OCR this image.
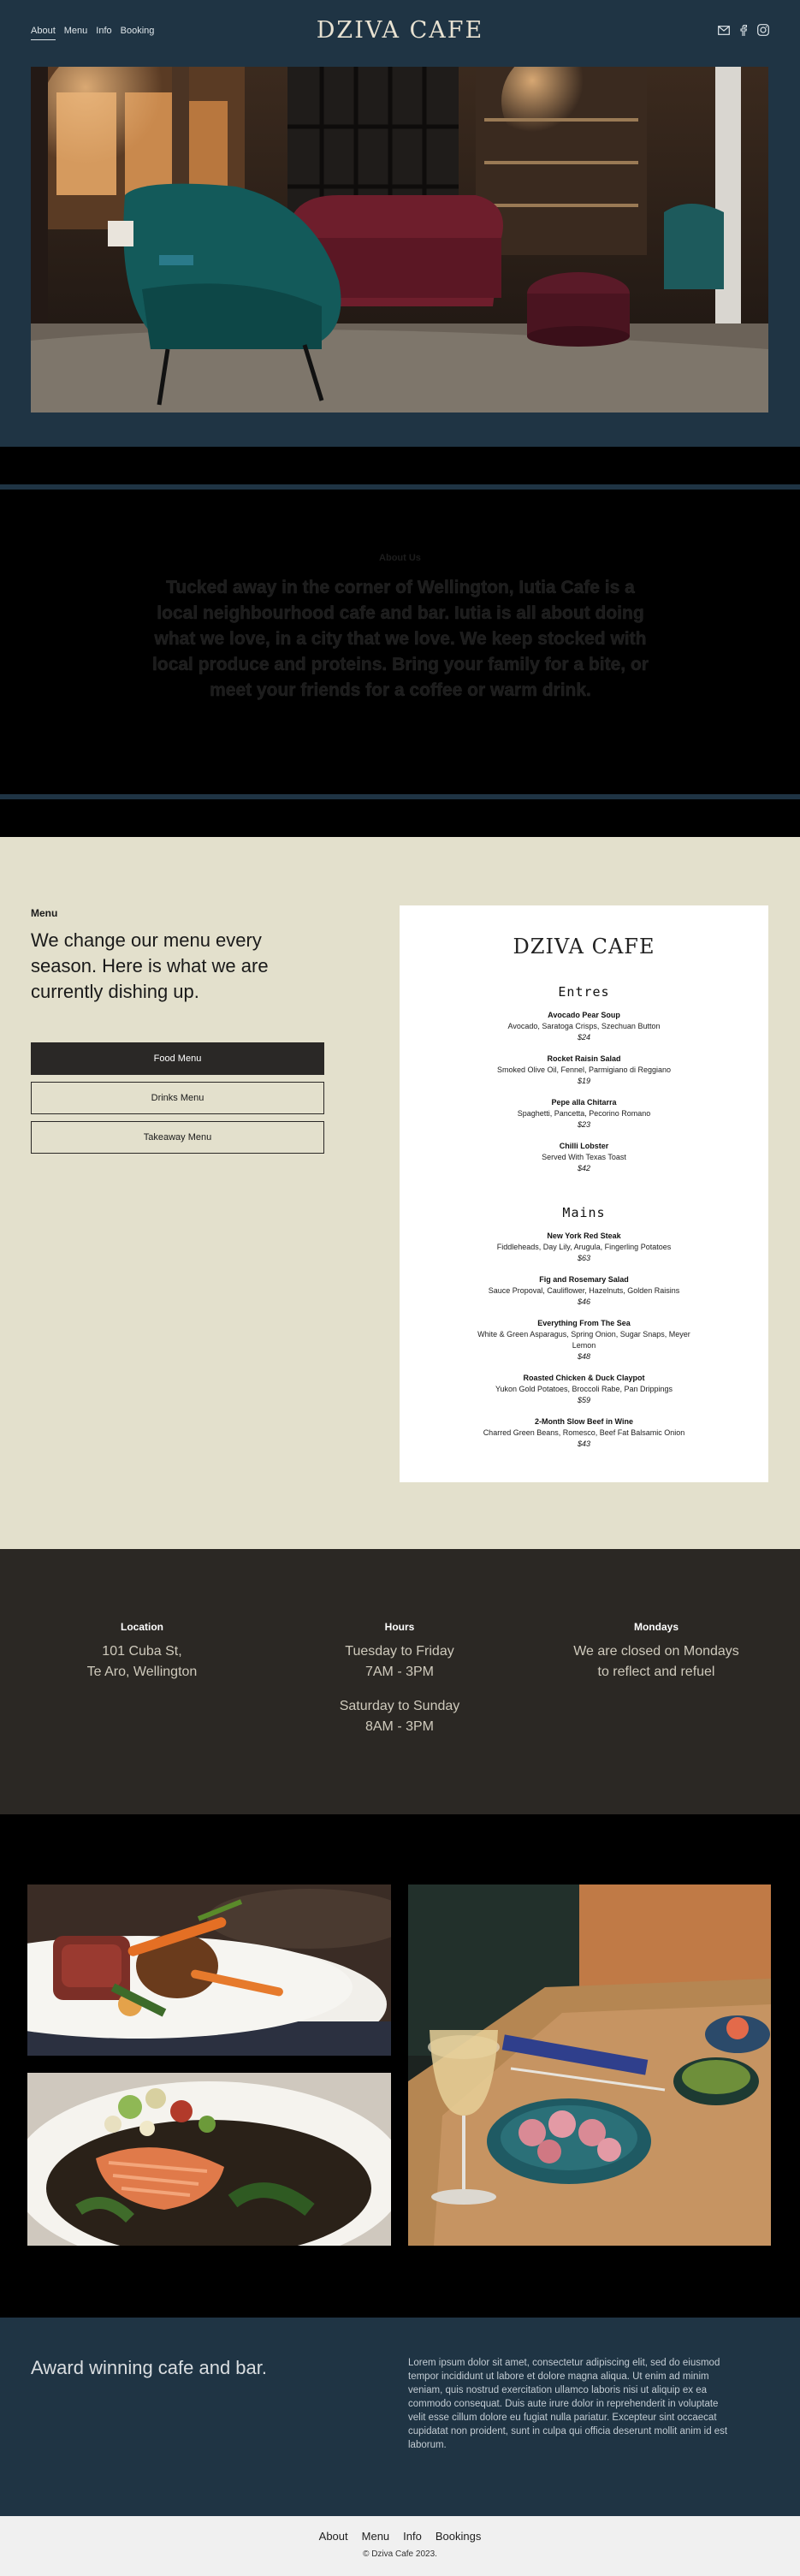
About Menu Info Booking	DZIVA CAFE
About Us

Tucked away in the corner of Wellington, Iutia Cafe is a local neighbourhood cafe and bar. Iutia is all about doing what we love, in a city that we love. We keep stocked with local produce and proteins. Bring your family for a bite, or meet your friends for a coffee or warm drink.

Menu
We change our menu every season. Here is what we are currently dishing up.
Food Menu
Drinks Menu
Takeaway Menu
DZIVA CAFE
Entres
Avocado Pear Soup
Avocado, Saratoga Crisps, Szechuan Button
$24
Rocket Raisin Salad
Smoked Olive Oil, Fennel, Parmigiano di Reggiano
$19
Pepe alla Chitarra
Spaghetti, Pancetta, Pecorino Romano
$23
Chilli Lobster
Served With Texas Toast
$42
Mains
New York Red Steak
Fiddleheads, Day Lily, Arugula, Fingerling Potatoes
$63
Fig and Rosemary Salad
Sauce Propoval, Cauliflower, Hazelnuts, Golden Raisins
$46
Everything From The Sea
White & Green Asparagus, Spring Onion, Sugar Snaps, Meyer Lemon
$48
Roasted Chicken & Duck Claypot
Yukon Gold Potatoes, Broccoli Rabe, Pan Drippings
$59
2-Month Slow Beef in Wine
Charred Green Beans, Romesco, Beef Fat Balsamic Onion
$43
Location
101 Cuba St,
Te Aro, Wellington
Hours
Tuesday to Friday
7AM - 3PM
Saturday to Sunday
8AM - 3PM
Mondays
We are closed on Mondays
to reflect and refuel
Award winning cafe and bar.	Lorem ipsum dolor sit amet, consectetur adipiscing elit, sed do eiusmod tempor incididunt ut labore et dolore magna aliqua. Ut enim ad minim veniam, quis nostrud exercitation ullamco laboris nisi ut aliquip ex ea commodo consequat. Duis aute irure dolor in reprehenderit in voluptate velit esse cillum dolore eu fugiat nulla pariatur. Excepteur sint occaecat cupidatat non proident, sunt in culpa qui officia deserunt mollit anim id est laborum.

About Menu Info Bookings
© Dziva Cafe 2023.
